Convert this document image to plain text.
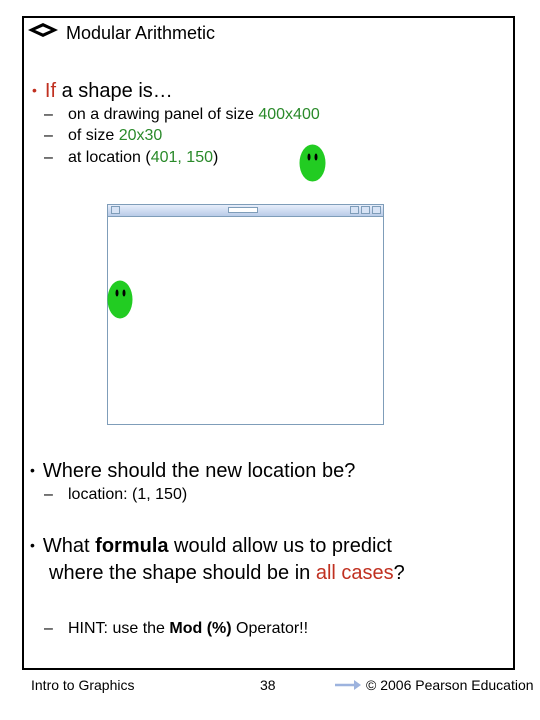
Modular Arithmetic
• If a shape is…
– on a drawing panel of size 400x400
– of size 20x30
– at location (401, 150)
• Where should the new location be?
– location: (1, 150)
• What formula would allow us to predict
where the shape should be in all cases?
– HINT: use the Mod (%) Operator!!
Intro to Graphics	38	© 2006 Pearson Education
